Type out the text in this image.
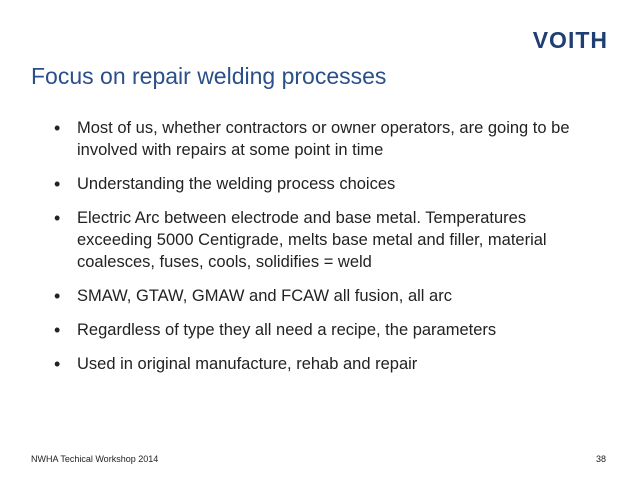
VOITH
Focus on repair welding processes
• Most of us, whether contractors or owner operators, are going to be involved with repairs at some point in time
• Understanding the welding process choices
• Electric Arc between electrode and base metal. Temperatures exceeding 5000 Centigrade, melts base metal and filler, material coalesces, fuses, cools, solidifies = weld
• SMAW, GTAW, GMAW and FCAW all fusion, all arc
• Regardless of type they all need a recipe, the parameters
• Used in original manufacture, rehab and repair
NWHA Techical Workshop 2014	38
